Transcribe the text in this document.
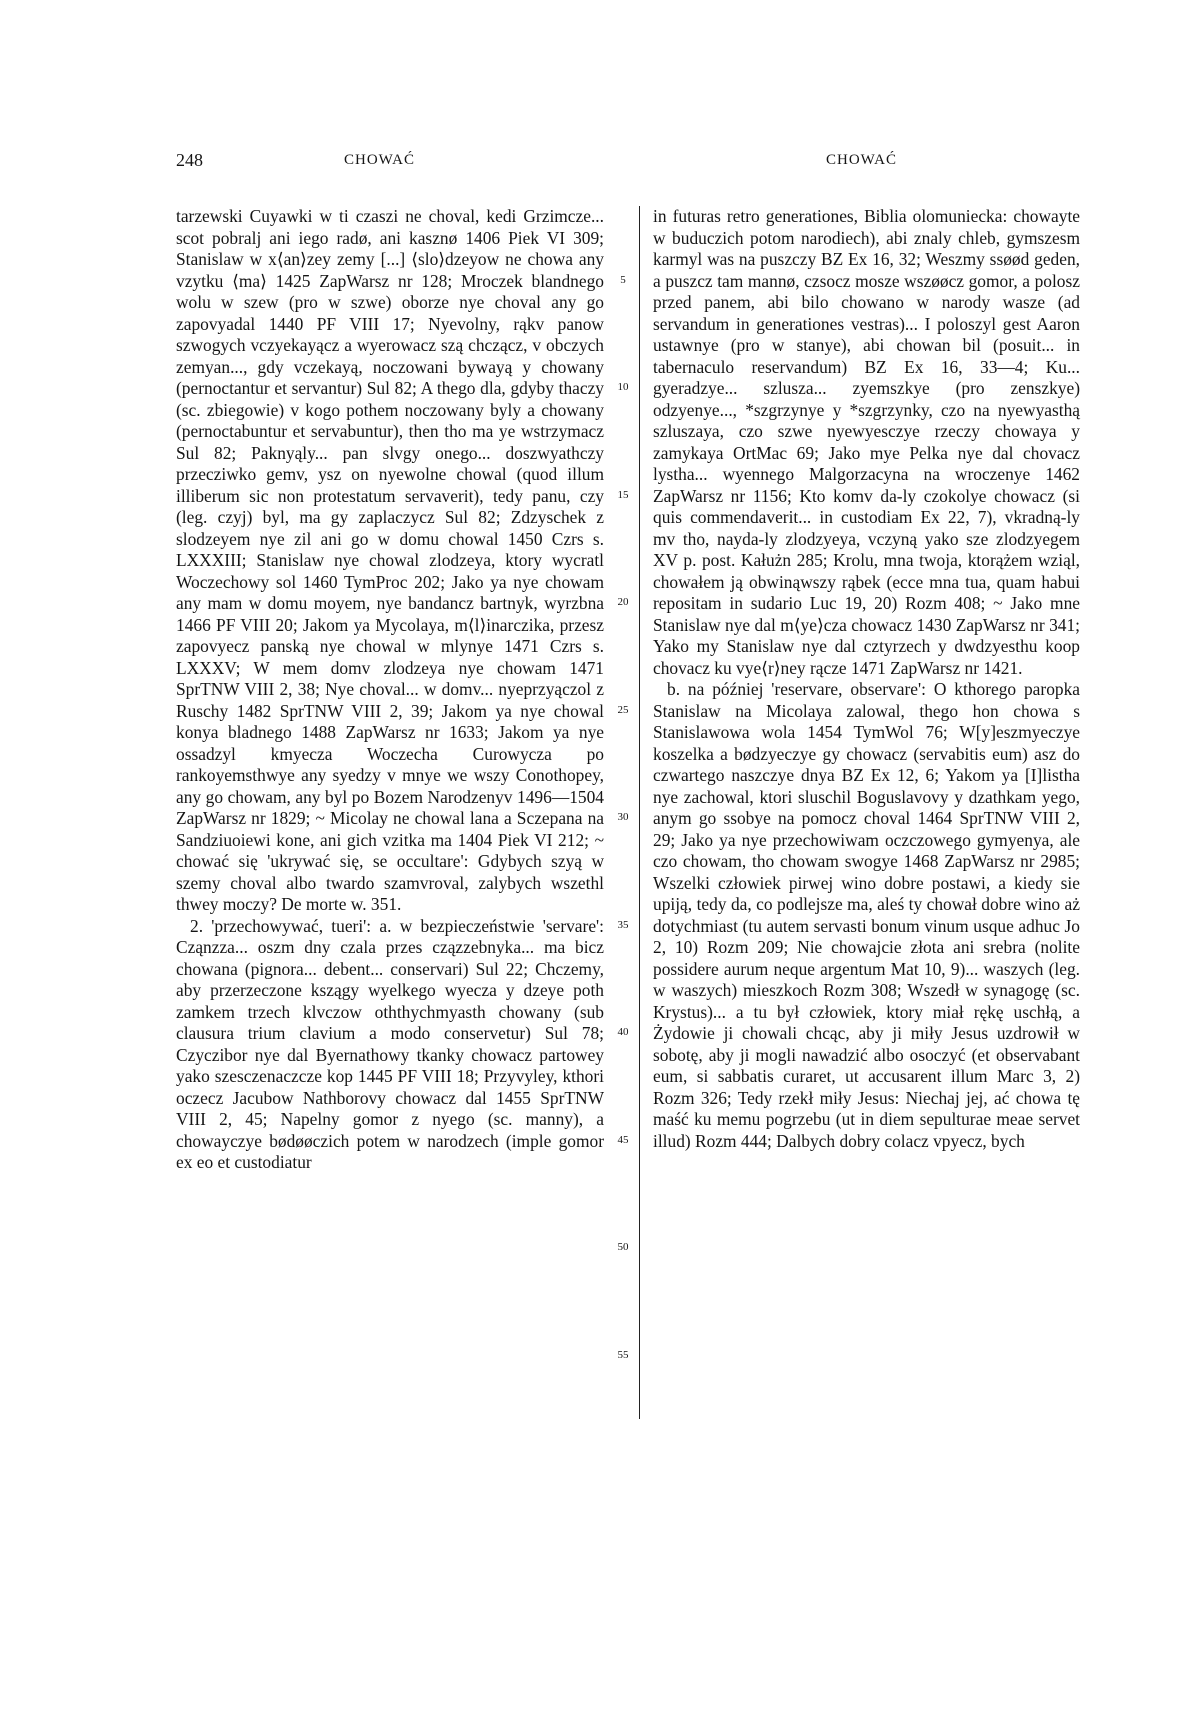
248	CHOWAĆ	CHOWAĆ

tarzewski Cuyawki w ti czaszi ne choval, kedi Grzimcze... scot pobralj ani iego radø, ani kasznø 1406 Piek VI 309; Stanislaw w x⟨an⟩zey zemy [...] ⟨slo⟩dzeyow ne chowa any vzytku ⟨ma⟩ 1425 ZapWarsz nr 128; Mroczek blandnego wolu w szew (pro w szwe) oborze nye choval any go zapovyadal 1440 PF VIII 17; Nyevolny, rąkv panow szwogych vczyekayącz a wyerowacz szą chcząсz, v obczych zemyan..., gdy vczekayą, noczowani bywayą y chowany (pernoctantur et servantur) Sul 82; A thego dla, gdyby thaczy (sc. zbiegowie) v kogo pothem noczowany byly a chowany (pernoctabuntur et servabuntur), then tho ma ye wstrzymacz Sul 82; Paknyąly... pan slvgy onego... doszwyathczy przecziwko gemv, ysz on nyewolne chowal (quod illum illiberum sic non protestatum servaverit), tedy panu, czy (leg. czyj) byl, ma gy zaplaczycz Sul 82; Zdzyschek z slodzeyem nye zil ani go w domu chowal 1450 Czrs s. LXXXIII; Stanislaw nye chowal zlodzeya, ktory wycratl Woczechowy sol 1460 TymProc 202; Jako ya nye chowam any mam w domu moyem, nye bandancz bartnyk, wyrzbna 1466 PF VIII 20; Jakom ya Mycolaya, m⟨l⟩inarczika, przesz zapovyecz panską nye chowal w mlynye 1471 Czrs s. LXXXV; W mem domv zlodzeya nye chowam 1471 SprTNW VIII 2, 38; Nye choval... w domv... nyeprzyączol z Ruschy 1482 SprTNW VIII 2, 39; Jakom ya nye chowal konya bladnego 1488 ZapWarsz nr 1633; Jakom ya nye ossadzyl kmyecza Woczecha Curowycza po rankoyemsthwye any syedzy v mnye we wszy Conothopey, any go chowam, any byl po Bozem Narodzenyv 1496—1504 ZapWarsz nr 1829; ~ Micolay ne chowal lana a Sczepana na Sandziuoiewi kone, ani gich vzitka ma 1404 Piek VI 212; ~ chować się 'ukrywać się, se occultare': Gdybych szyą w szemy choval albo twardo szamvroval, zalybych wszethl thwey moczy? De morte w. 351.

2. 'przechowywać, tueri': a. w bezpieczeństwie 'servare': Cząnzza... oszm dny czala przes czązzebnyka... ma bicz chowana (pignora... debent... conservari) Sul 22; Chczemy, aby przerzeczone kszągy wyelkego wyecza y dzeye poth zamkem trzech klvczow oththychmyasth chowany (sub clausura trium clavium a modo conservetur) Sul 78; Czyczibor nye dal Byernathowy tkanky chowacz partowey yako szesczenaczcze kop 1445 PF VIII 18; Przyvyley, kthori oczecz Jacubow Nathborovy chowacz dal 1455 SprTNW VIII 2, 45; Napelny gomor z nyego (sc. manny), a chowayczye bødøøczich potem w narodzech (imple gomor ex eo et custodiatur

5
10
15
20
25
30
35
40
45
50
55

in futuras retro generationes, Biblia olomuniecka: chowayte w buduczich potom narodiech), abi znaly chleb, gymszesm karmyl was na puszczy BZ Ex 16, 32; Weszmy ssøød geden, a puszcz tam mannø, czsocz mosze wszøøcz gomor, a polosz przed panem, abi bilo chowano w narody wasze (ad servandum in generationes vestras)... I poloszyl gest Aaron ustawnye (pro w stanye), abi chowan bil (posuit... in tabernaculo reservandum) BZ Ex 16, 33—4; Ku... gyeradzye... szlusza... zyemszkye (pro zenszkye) odzyenye..., *szgrzynye y *szgrzynky, czo na nyewyasthą szluszaya, czo szwe nyewyesczye rzeczy chowaya y zamykaya OrtMac 69; Jako mye Pelka nye dal chovacz lystha... wyennego Malgorzacyna na wroczenye 1462 ZapWarsz nr 1156; Kto komv da-ly czokolye chowacz (si quis commendaverit... in custodiam Ex 22, 7), vkradną-ly mv tho, nayda-ly zlodzyeya, vczyną yako sze zlodzyegem XV p. post. Kałużn 285; Krolu, mna twoja, ktorążem wziąl, chowałem ją obwinąwszy rąbek (ecce mna tua, quam habui repositam in sudario Luc 19, 20) Rozm 408; ~ Jako mne Stanislaw nye dal m⟨ye⟩cza chowacz 1430 ZapWarsz nr 341; Yako my Stanislaw nye dal cztyrzech y dwdzyesthu koop chovacz ku vye⟨r⟩ney rącze 1471 ZapWarsz nr 1421.

b. na później 'reservare, observare': O kthorego paropka Stanislaw na Micolaya zalowal, thego hon chowa s Stanislawowa wola 1454 TymWol 76; W[y]eszmyeczye koszelka a bødzyeczye gy chowacz (servabitis eum) asz do czwartego naszczye dnya BZ Ex 12, 6; Yakom ya [I]listha nye zachowal, ktori sluschil Boguslavovy y dzathkam yego, anym go ssobye na pomocz choval 1464 SprTNW VIII 2, 29; Jako ya nye przechowiwam oczczowego gymyenya, ale czo chowam, tho chowam swogye 1468 ZapWarsz nr 2985; Wszelki człowiek pirwej wino dobre postawi, a kiedy sie upiją, tedy da, co podlejsze ma, aleś ty chował dobre wino aż dotychmiast (tu autem servasti bonum vinum usque adhuc Jo 2, 10) Rozm 209; Nie chowajcie złota ani srebra (nolite possidere aurum neque argentum Mat 10, 9)... waszych (leg. w waszych) mieszkoch Rozm 308; Wszedł w synagogę (sc. Krystus)... a tu był człowiek, ktory miał rękę uschłą, a Żydowie ji chowali chcąc, aby ji miły Jesus uzdrowił w sobotę, aby ji mogli nawadzić albo osoczyć (et observabant eum, si sabbatis curaret, ut accusarent illum Marc 3, 2) Rozm 326; Tedy rzekł miły Jesus: Niechaj jej, ać chowa tę maść ku memu pogrzebu (ut in diem sepulturae meae servet illud) Rozm 444; Dalbych dobry colacz vpyecz, bych
